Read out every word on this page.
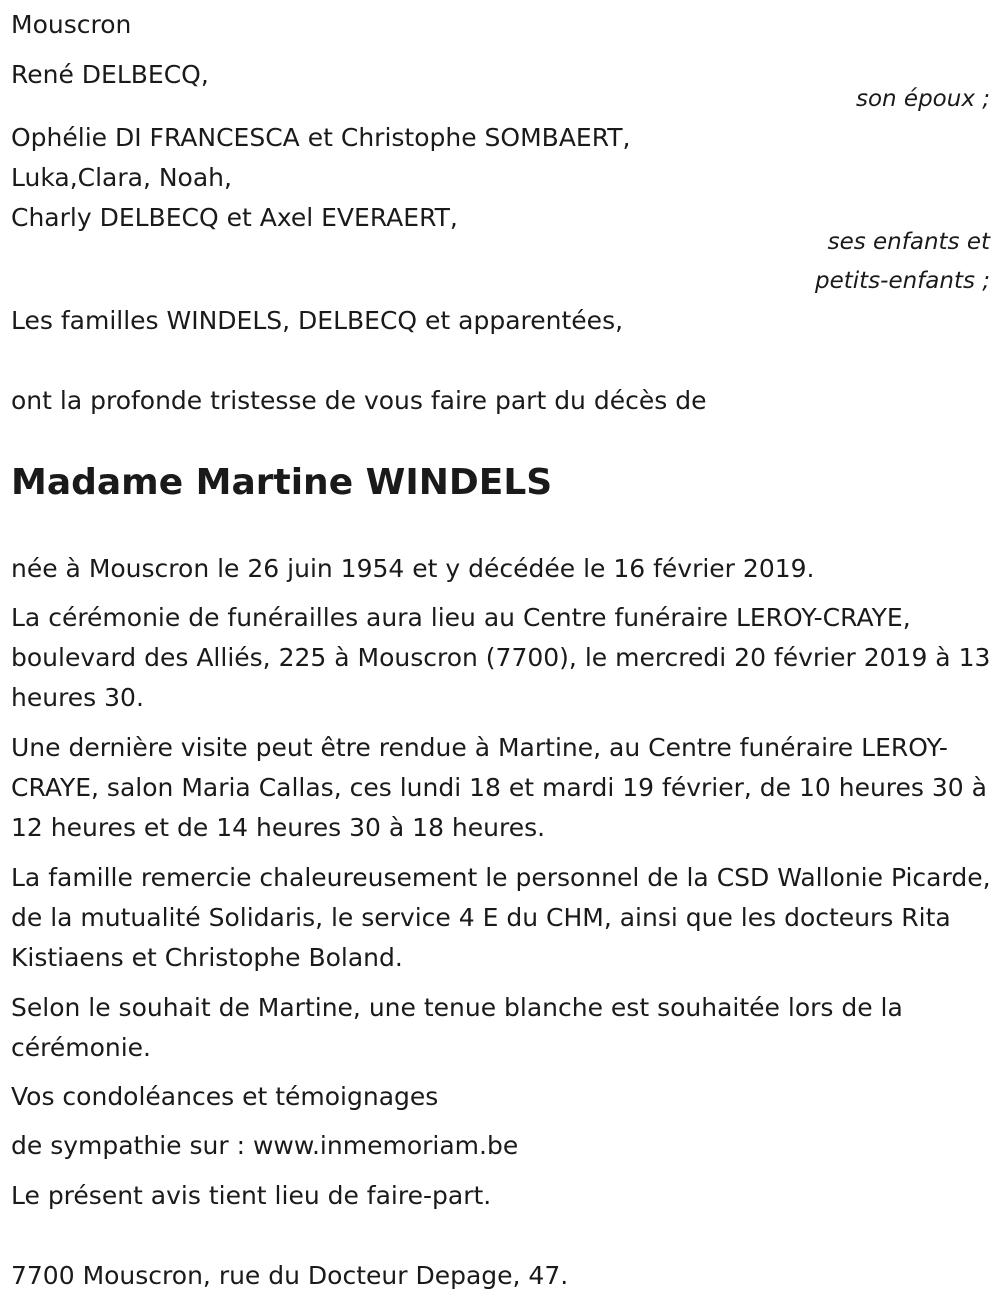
Mouscron
René DELBECQ,
son époux ;
Ophélie DI FRANCESCA et Christophe SOMBAERT,
Luka,Clara, Noah,
Charly DELBECQ et Axel EVERAERT,
ses enfants et
petits-enfants ;
Les familles WINDELS, DELBECQ et apparentées,
ont la profonde tristesse de vous faire part du décès de
Madame Martine WINDELS
née à Mouscron le 26 juin 1954 et y décédée le 16 février 2019.
La cérémonie de funérailles aura lieu au Centre funéraire LEROY-CRAYE, boulevard des Alliés, 225 à Mouscron (7700), le mercredi 20 février 2019 à 13 heures 30.
Une dernière visite peut être rendue à Martine, au Centre funéraire LEROY-CRAYE, salon Maria Callas, ces lundi 18 et mardi 19 février, de 10 heures 30 à 12 heures et de 14 heures 30 à 18 heures.
La famille remercie chaleureusement le personnel de la CSD Wallonie Picarde, de la mutualité Solidaris, le service 4 E du CHM, ainsi que les docteurs Rita Kistiaens et Christophe Boland.
Selon le souhait de Martine, une tenue blanche est souhaitée lors de la cérémonie.
Vos condoléances et témoignages
de sympathie sur : www.inmemoriam.be
Le présent avis tient lieu de faire-part.
7700 Mouscron, rue du Docteur Depage, 47.
